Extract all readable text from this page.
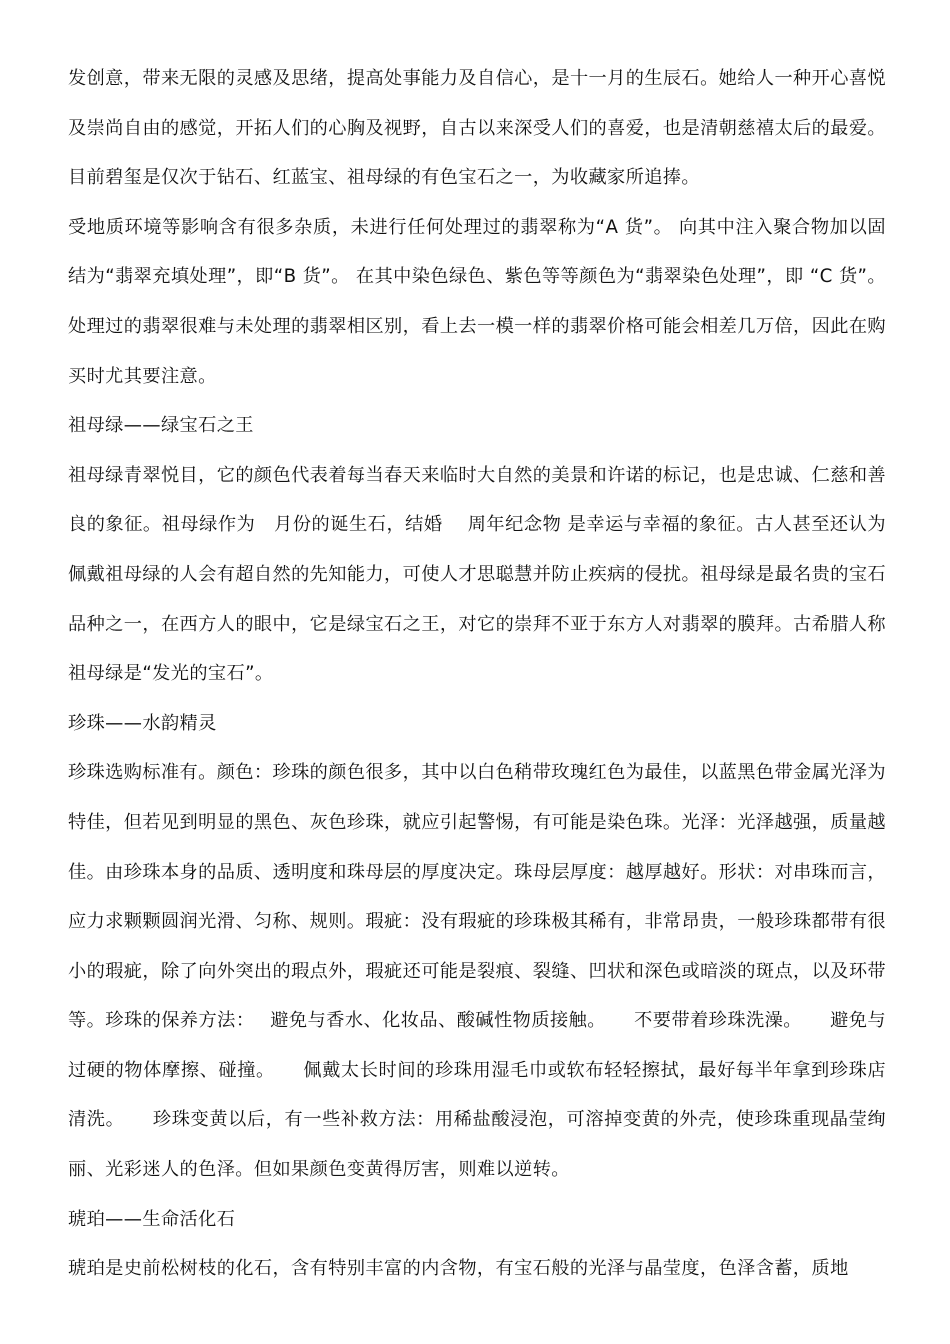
发创意，带来无限的灵感及思绪，提高处事能力及自信心，是十一月的生辰石。她给人一种开心喜悦及崇尚自由的感觉，开拓人们的心胸及视野，自古以来深受人们的喜爱，也是清朝慈禧太后的最爱。目前碧玺是仅次于钻石、红蓝宝、祖母绿的有色宝石之一，为收藏家所追捧。

受地质环境等影响含有很多杂质，未进行任何处理过的翡翠称为“A 货”。 向其中注入聚合物加以固结为“翡翠充填处理”，即“B 货”。 在其中染色绿色、紫色等等颜色为“翡翠染色处理”，即 “C 货”。 处理过的翡翠很难与未处理的翡翠相区别，看上去一模一样的翡翠价格可能会相差几万倍，因此在购买时尤其要注意。

祖母绿——绿宝石之王

祖母绿青翠悦目，它的颜色代表着每当春天来临时大自然的美景和许诺的标记，也是忠诚、仁慈和善良的象征。祖母绿作为　月份的诞生石，结婚　 周年纪念物 是幸运与幸福的象征。古人甚至还认为佩戴祖母绿的人会有超自然的先知能力，可使人才思聪慧并防止疾病的侵扰。祖母绿是最名贵的宝石品种之一，在西方人的眼中，它是绿宝石之王，对它的崇拜不亚于东方人对翡翠的膜拜。古希腊人称祖母绿是“发光的宝石”。

珍珠——水韵精灵

珍珠选购标准有。颜色：珍珠的颜色很多，其中以白色稍带玫瑰红色为最佳，以蓝黑色带金属光泽为特佳，但若见到明显的黑色、灰色珍珠，就应引起警惕，有可能是染色珠。光泽：光泽越强，质量越佳。由珍珠本身的品质、透明度和珠母层的厚度决定。珠母层厚度：越厚越好。形状：对串珠而言，应力求颗颗圆润光滑、匀称、规则。瑕疵：没有瑕疵的珍珠极其稀有，非常昂贵，一般珍珠都带有很小的瑕疵，除了向外突出的瑕点外，瑕疵还可能是裂痕、裂缝、凹状和深色或暗淡的斑点，以及环带等。珍珠的保养方法：　 避免与香水、化妆品、酸碱性物质接触。　　不要带着珍珠洗澡。　　避免与过硬的物体摩擦、碰撞。　　佩戴太长时间的珍珠用湿毛巾或软布轻轻擦拭，最好每半年拿到珍珠店清洗。　　珍珠变黄以后，有一些补救方法：用稀盐酸浸泡，可溶掉变黄的外壳，使珍珠重现晶莹绚丽、光彩迷人的色泽。但如果颜色变黄得厉害，则难以逆转。

琥珀——生命活化石

琥珀是史前松树枝的化石，含有特别丰富的内含物，有宝石般的光泽与晶莹度，色泽含蓄，质地
